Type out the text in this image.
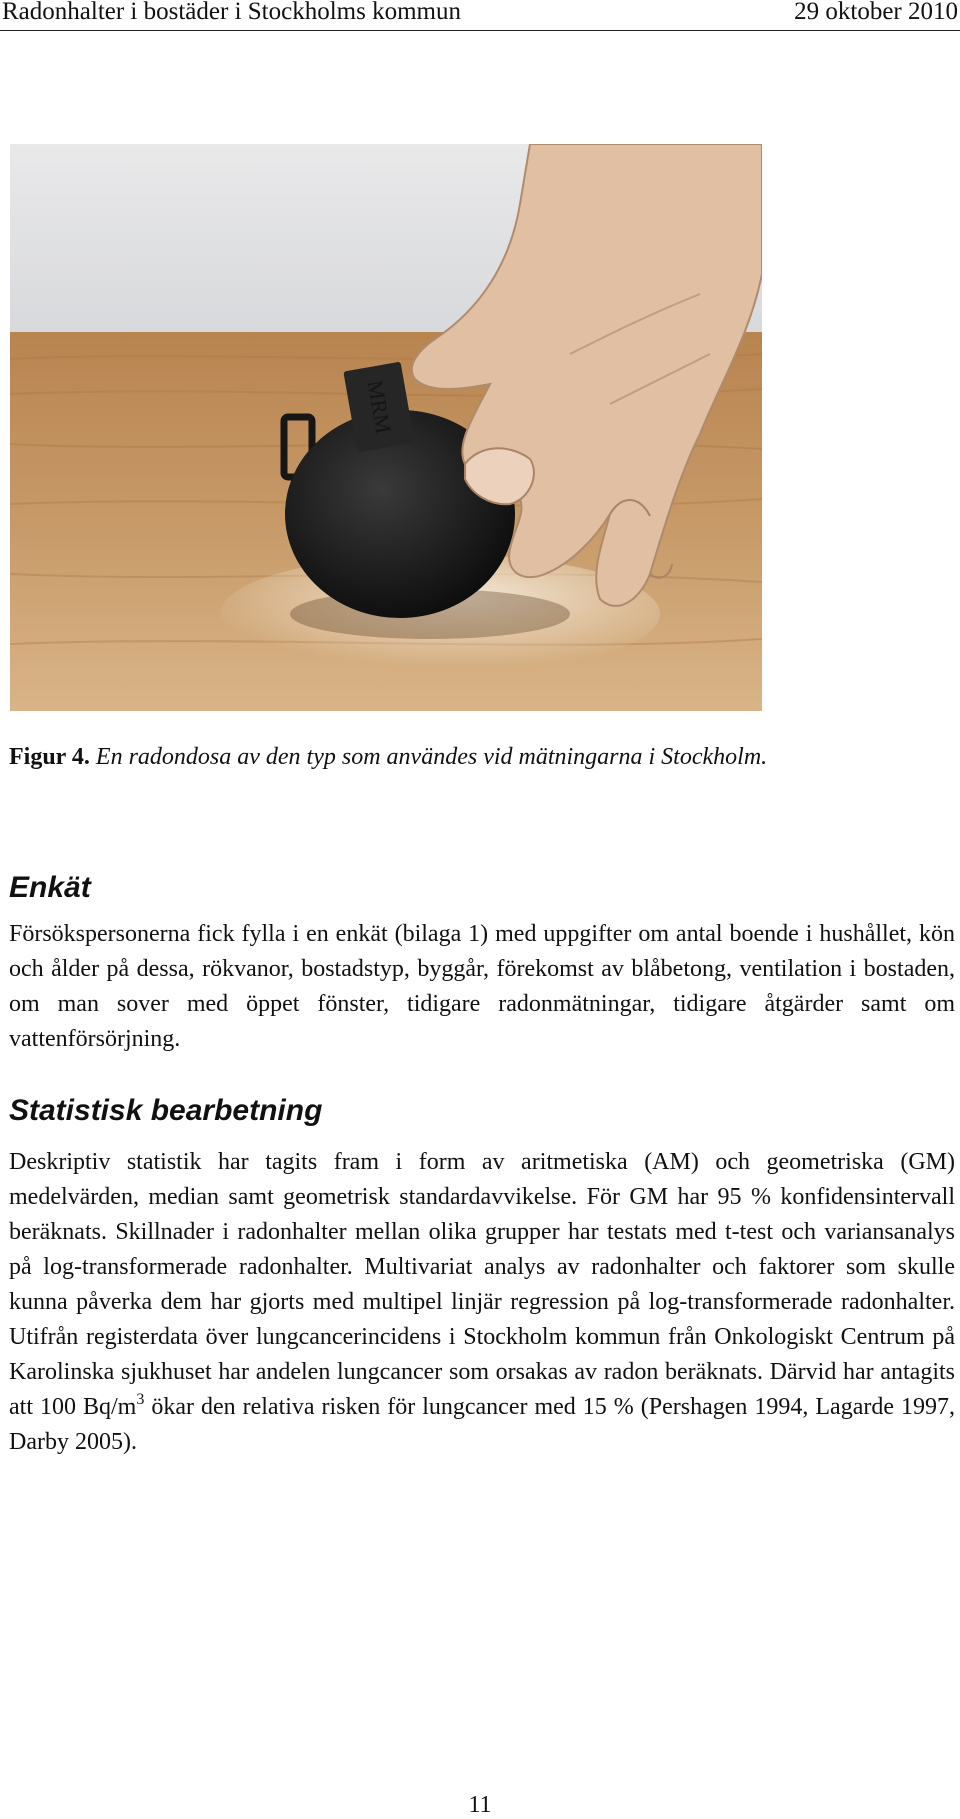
Radonhalter i bostäder i Stockholms kommun	29 oktober 2010
MRM
Figur 4. En radondosa av den typ som användes vid mätningarna i Stockholm.
Enkät

Försökspersonerna fick fylla i en enkät (bilaga 1) med uppgifter om antal boende i hushållet, kön och ålder på dessa, rökvanor, bostadstyp, byggår, förekomst av blåbetong, ventilation i bostaden, om man sover med öppet fönster, tidigare radonmätningar, tidigare åtgärder samt om vattenförsörjning.

Statistisk bearbetning

Deskriptiv statistik har tagits fram i form av aritmetiska (AM) och geometriska (GM) medelvärden, median samt geometrisk standardavvikelse. För GM har 95 % konfidensintervall beräknats. Skillnader i radonhalter mellan olika grupper har testats med t-test och variansanalys på log-transformerade radonhalter. Multivariat analys av radonhalter och faktorer som skulle kunna påverka dem har gjorts med multipel linjär regression på log-transformerade radonhalter. Utifrån registerdata över lungcancerincidens i Stockholm kommun från Onkologiskt Centrum på Karolinska sjukhuset har andelen lungcancer som orsakas av radon beräknats. Därvid har antagits att 100 $Bq/m^3$ ökar den relativa risken för lungcancer med 15 % (Pershagen 1994, Lagarde 1997, Darby 2005).

11
